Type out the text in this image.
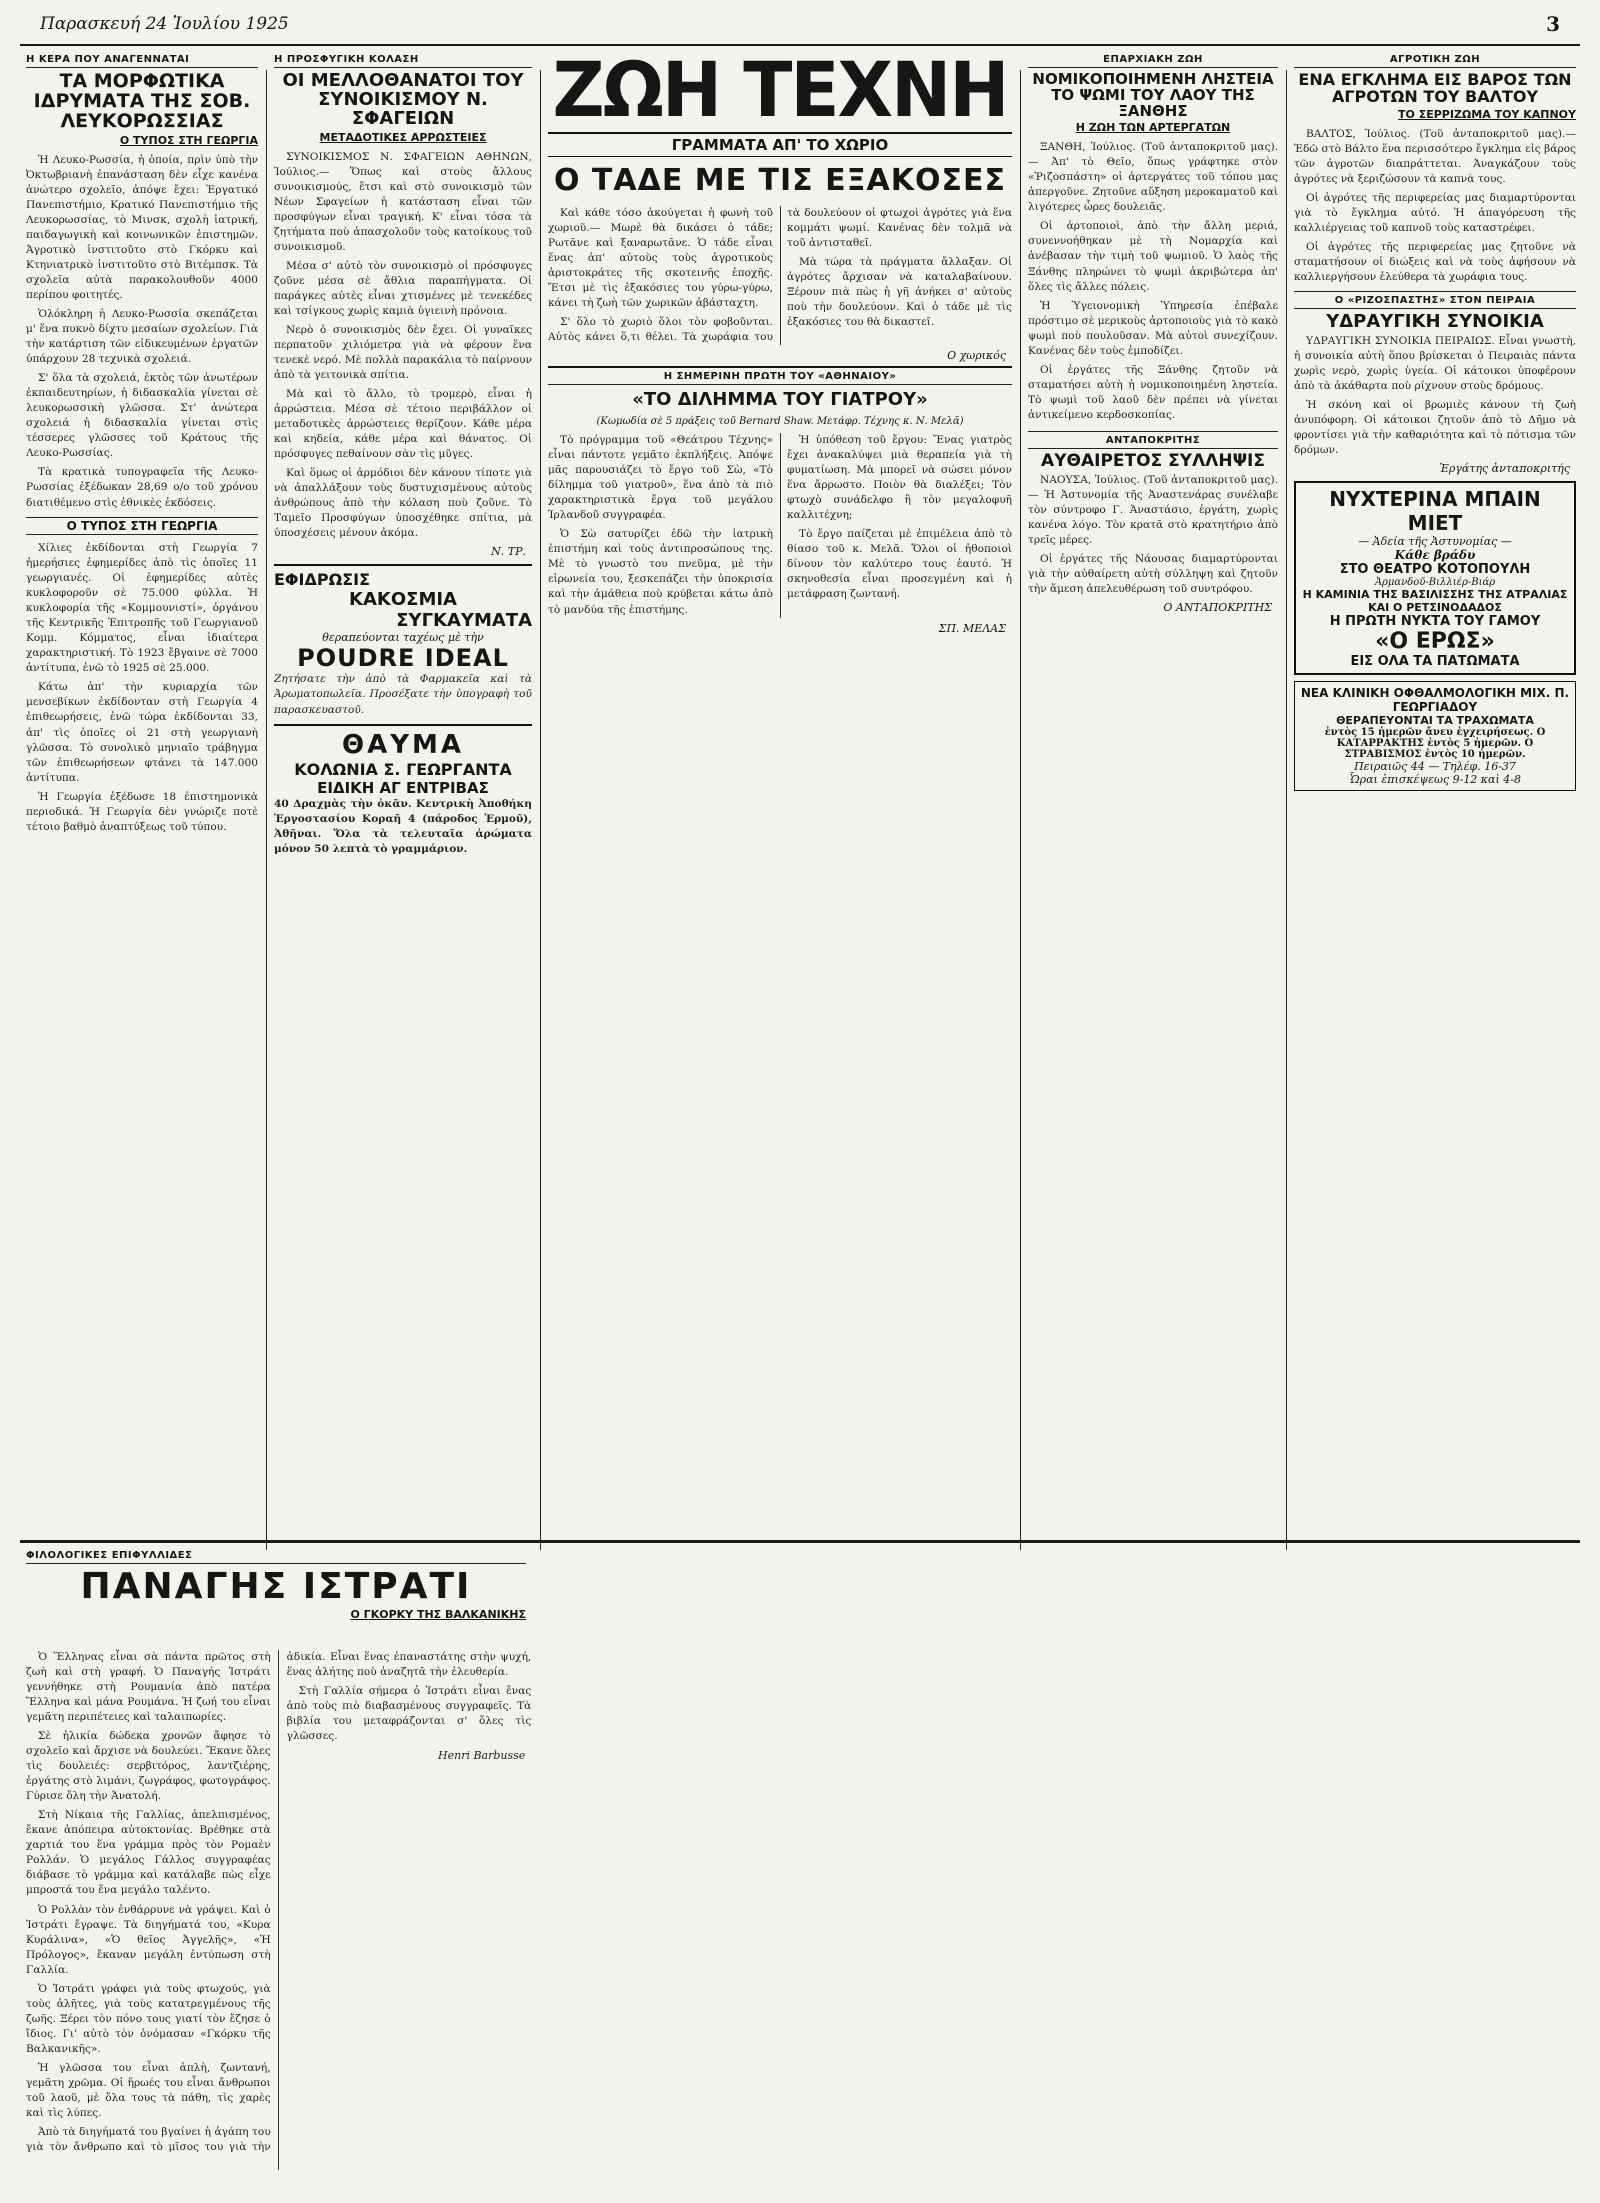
Παρασκευή 24 Ἰουλίου 1925	3
Η ΚΕΡΑ ΠΟΥ ΑΝΑΓΕΝΝΑΤΑΙ
ΤΑ ΜΟΡΦΩΤΙΚΑ ΙΔΡΥΜΑΤΑ ΤΗΣ ΣΟΒ. ΛΕΥΚΟΡΩΣΣΙΑΣ
Ο ΤΥΠΟΣ ΣΤΗ ΓΕΩΡΓΙΑ

Ἡ Λευκο-Ρωσσία, ἡ ὁποία, πρὶν ὑπὸ τὴν Ὀκτωβριανὴ ἐπανάσταση δὲν εἶχε κανένα ἀνώτερο σχολεῖο, ἀπόψε ἔχει: Ἐργατικό Πανεπιστήμιο, Κρατικό Πανεπιστήμιο τῆς Λευκορωσσίας, τὸ Μινσκ, σχολὴ ἰατρική, παιδαγωγικὴ καὶ κοινωνικῶν ἐπιστημῶν. Ἀγροτικὸ ἰνστιτοῦτο στὸ Γκόρκυ καὶ Κτηνιατρικὸ ἰνστιτοῦτο στὸ Βιτέμπσκ. Τὰ σχολεῖα αὐτὰ παρακολουθοῦν 4000 περίπου φοιτητές.

Ὁλόκληρη ἡ Λευκο-Ρωσσία σκεπάζεται μ' ἕνα πυκνὸ δίχτυ μεσαίων σχολείων. Γιὰ τὴν κατάρτιση τῶν εἰδικευμένων ἐργατῶν ὑπάρχουν 28 τεχνικὰ σχολειά.

Σ' ὅλα τὰ σχολειά, ἐκτὸς τῶν ἀνωτέρων ἐκπαιδευτηρίων, ἡ διδασκαλία γίνεται σὲ λευκορωσσικὴ γλῶσσα. Στ' ἀνώτερα σχολειά ἡ διδασκαλία γίνεται στὶς τέσσερες γλῶσσες τοῦ Κράτους τῆς Λευκο-Ρωσσίας.

Τὰ κρατικὰ τυπογραφεῖα τῆς Λευκο-Ρωσσίας ἐξέδωκαν 28,69 ο/ο τοῦ χρόνου διατιθέμενο στὶς ἐθνικὲς ἐκδόσεις.

Ο ΤΥΠΟΣ ΣΤΗ ΓΕΩΡΓΙΑ

Χίλιες ἐκδίδονται στὴ Γεωργία 7 ἡμερήσιες ἐφημερίδες ἀπὸ τὶς ὁποῖες 11 γεωργιανές. Οἱ ἐφημερίδες αὐτὲς κυκλοφοροῦν σὲ 75.000 φύλλα. Ἡ κυκλοφορία τῆς «Κομμουνιστί», ὀργάνου τῆς Κεντρικῆς Ἐπιτροπῆς τοῦ Γεωργιανοῦ Κομμ. Κόμματος, εἶναι ἰδιαίτερα χαρακτηριστική. Τὸ 1923 ἔβγαινε σὲ 7000 ἀντίτυπα, ἐνῶ τὸ 1925 σὲ 25.000.

Κάτω ἀπ' τὴν κυριαρχία τῶν μενσεβίκων ἐκδίδονταν στὴ Γεωργία 4 ἐπιθεωρήσεις, ἐνῶ τώρα ἐκδίδονται 33, ἀπ' τὶς ὁποῖες οἱ 21 στὴ γεωργιανὴ γλῶσσα. Τὸ συνολικὸ μηνιαῖο τράβηγμα τῶν ἐπιθεωρήσεων φτάνει τὰ 147.000 ἀντίτυπα.

Ἡ Γεωργία ἐξέδωσε 18 ἐπιστημονικὰ περιοδικά. Ἡ Γεωργία δὲν γνώριζε ποτὲ τέτοιο βαθμὸ ἀναπτύξεως τοῦ τύπου.

Η ΠΡΟΣΦΥΓΙΚΗ ΚΟΛΑΣΗ
ΟΙ ΜΕΛΛΟΘΑΝΑΤΟΙ ΤΟΥ ΣΥΝΟΙΚΙΣΜΟΥ Ν. ΣΦΑΓΕΙΩΝ
ΜΕΤΑΔΟΤΙΚΕΣ ΑΡΡΩΣΤΕΙΕΣ

ΣΥΝΟΙΚΙΣΜΟΣ Ν. ΣΦΑΓΕΙΩΝ ΑΘΗΝΩΝ, Ἰούλιος.— Ὅπως καὶ στοὺς ἄλλους συνοικισμούς, ἔτσι καὶ στὸ συνοικισμὸ τῶν Νέων Σφαγείων ἡ κατάσταση εἶναι τῶν προσφύγων εἶναι τραγική. Κ' εἶναι τόσα τὰ ζητήματα ποὺ ἀπασχολοῦν τοὺς κατοίκους τοῦ συνοικισμοῦ.

Μέσα σ' αὐτὸ τὸν συνοικισμὸ οἱ πρόσφυγες ζοῦνε μέσα σὲ ἄθλια παραπήγματα. Οἱ παράγκες αὐτὲς εἶναι χτισμένες μὲ τενεκέδες καὶ τσίγκους χωρὶς καμιὰ ὑγιεινὴ πρόνοια.

Νερὸ ὁ συνοικισμὸς δὲν ἔχει. Οἱ γυναῖκες περπατοῦν χιλιόμετρα γιὰ νὰ φέρουν ἕνα τενεκὲ νερό. Μὲ πολλὰ παρακάλια τὸ παίρνουν ἀπὸ τὰ γειτονικὰ σπίτια.

Μὰ καὶ τὸ ἄλλο, τὸ τρομερὸ, εἶναι ἡ ἀρρώστεια. Μέσα σὲ τέτοιο περιβάλλον οἱ μεταδοτικὲς ἀρρώστειες θερίζουν. Κάθε μέρα καὶ κηδεία, κάθε μέρα καὶ θάνατος. Οἱ πρόσφυγες πεθαίνουν σὰν τὶς μῦγες.

Καὶ ὅμως οἱ ἀρμόδιοι δὲν κάνουν τίποτε γιὰ νὰ ἀπαλλάξουν τοὺς δυστυχισμένους αὐτοὺς ἀνθρώπους ἀπὸ τὴν κόλαση ποὺ ζοῦνε. Τὸ Ταμεῖο Προσφύγων ὑποσχέθηκε σπίτια, μὰ ὑποσχέσεις μένουν ἀκόμα.

Ν. ΤΡ.
ΕΦΙΔΡΩΣΙΣ
ΚΑΚΟΣΜΙΑ
ΣΥΓΚΑΥΜΑΤΑ
θεραπεύονται ταχέως μὲ τὴν
POUDRE IDEAL
Ζητήσατε τὴν ἀπὸ τὰ Φαρμακεῖα καὶ τὰ Ἀρωματοπωλεῖα. Προσέξατε τὴν ὑπογραφὴ τοῦ παρασκευαστοῦ.
ΘΑΥΜΑ
ΚΟΛΩΝΙΑ Σ. ΓΕΩΡΓΑΝΤΑ
ΕΙΔΙΚΗ ΑΓ ΕΝΤΡΙΒΑΣ
40 Δραχμὰς τὴν ὀκᾶν. Κεντρικὴ Ἀποθήκη Ἐργοστασίου Κοραῆ 4 (πάροδος Ἑρμοῦ), Ἀθῆναι. Ὅλα τὰ τελευταῖα ἀρώματα μόνον 50 λεπτὰ τὸ γραμμάριον.
ΖΩΗ ΤΕΧΝΗ
ΓΡΑΜΜΑΤΑ ΑΠ' ΤΟ ΧΩΡΙΟ
Ο ΤΑΔΕ ΜΕ ΤΙΣ ΕΞΑΚΟΣΕΣ

Καὶ κάθε τόσο ἀκούγεται ἡ φωνὴ τοῦ χωριοῦ.— Μωρὲ θὰ δικάσει ὁ τάδε; Ρωτᾶνε καὶ ξαναρωτᾶνε. Ὁ τάδε εἶναι ἕνας ἀπ' αὐτοὺς τοὺς ἀγροτικοὺς ἀριστοκράτες τῆς σκοτεινῆς ἐποχῆς. Ἔτσι μὲ τὶς ἑξακόσιες του γύρω-γύρω, κάνει τὴ ζωὴ τῶν χωρικῶν ἀβάσταχτη.

Σ' ὅλο τὸ χωριὸ ὅλοι τὸν φοβοῦνται. Αὐτὸς κάνει ὅ,τι θέλει. Τὰ χωράφια του τὰ δουλεύουν οἱ φτωχοὶ ἀγρότες γιὰ ἕνα κομμάτι ψωμί. Κανένας δὲν τολμᾶ νὰ τοῦ ἀντισταθεῖ.

Μὰ τώρα τὰ πράγματα ἄλλαξαν. Οἱ ἀγρότες ἄρχισαν νὰ καταλαβαίνουν. Ξέρουν πιὰ πὼς ἡ γῆ ἀνήκει σ' αὐτοὺς ποὺ τὴν δουλεύουν. Καὶ ὁ τάδε μὲ τὶς ἑξακόσιες του θὰ δικαστεῖ.

Ο χωρικός
Η ΣΗΜΕΡΙΝΗ ΠΡΩΤΗ ΤΟΥ «ΑΘΗΝΑΙΟΥ»
«ΤΟ ΔΙΛΗΜΜΑ ΤΟΥ ΓΙΑΤΡΟΥ»
(Κωμωδία σὲ 5 πράξεις τοῦ Bernard Shaw. Μετάφρ. Τέχνης κ. Ν. Μελᾶ)

Τὸ πρόγραμμα τοῦ «Θεάτρου Τέχνης» εἶναι πάντοτε γεμᾶτο ἐκπλήξεις. Ἀπόψε μᾶς παρουσιάζει τὸ ἔργο τοῦ Σὼ, «Τὸ δίλημμα τοῦ γιατροῦ», ἕνα ἀπὸ τὰ πιὸ χαρακτηριστικὰ ἔργα τοῦ μεγάλου Ἰρλανδοῦ συγγραφέα.

Ὁ Σὼ σατυρίζει ἐδῶ τὴν ἰατρικὴ ἐπιστήμη καὶ τοὺς ἀντιπροσώπους της. Μὲ τὸ γνωστὸ του πνεῦμα, μὲ τὴν εἰρωνεία του, ξεσκεπάζει τὴν ὑποκρισία καὶ τὴν ἀμάθεια ποὺ κρύβεται κάτω ἀπὸ τὸ μανδύα τῆς ἐπιστήμης.

Ἡ ὑπόθεση τοῦ ἔργου: Ἕνας γιατρὸς ἔχει ἀνακαλύψει μιὰ θεραπεία γιὰ τὴ φυματίωση. Μὰ μπορεῖ νὰ σώσει μόνον ἕνα ἄρρωστο. Ποιὸν θὰ διαλέξει; Τὸν φτωχὸ συνάδελφο ἢ τὸν μεγαλοφυῆ καλλιτέχνη;

Τὸ ἔργο παίζεται μὲ ἐπιμέλεια ἀπὸ τὸ θίασο τοῦ κ. Μελᾶ. Ὅλοι οἱ ἠθοποιοὶ δίνουν τὸν καλύτερο τους ἑαυτό. Ἡ σκηνοθεσία εἶναι προσεγμένη καὶ ἡ μετάφραση ζωντανή.

ΣΠ. ΜΕΛΑΣ
ΕΠΑΡΧΙΑΚΗ ΖΩΗ
ΝΟΜΙΚΟΠΟΙΗΜΕΝΗ ΛΗΣΤΕΙΑ ΤΟ ΨΩΜΙ ΤΟΥ ΛΑΟΥ ΤΗΣ ΞΑΝΘΗΣ
Η ΖΩΗ ΤΩΝ ΑΡΤΕΡΓΑΤΩΝ

ΞΑΝΘΗ, Ἰούλιος. (Τοῦ ἀνταποκριτοῦ μας).— Ἀπ' τὸ Θεῖο, ὅπως γράφτηκε στὸν «Ῥιζοσπάστη» οἱ ἀρτεργάτες τοῦ τόπου μας ἀπεργοῦνε. Ζητοῦνε αὔξηση μεροκαματοῦ καὶ λιγότερες ὧρες δουλειᾶς.

Οἱ ἀρτοποιοὶ, ἀπὸ τὴν ἄλλη μεριά, συνεννοήθηκαν μὲ τὴ Νομαρχία καὶ ἀνέβασαν τὴν τιμὴ τοῦ ψωμιοῦ. Ὁ λαὸς τῆς Ξάνθης πληρώνει τὸ ψωμὶ ἀκριβώτερα ἀπ' ὅλες τὶς ἄλλες πόλεις.

Ἡ Ὑγειονομικὴ Ὑπηρεσία ἐπέβαλε πρόστιμο σὲ μερικοὺς ἀρτοποιοὺς γιὰ τὸ κακὸ ψωμὶ ποὺ πουλοῦσαν. Μὰ αὐτοὶ συνεχίζουν. Κανένας δὲν τοὺς ἐμποδίζει.

Οἱ ἐργάτες τῆς Ξάνθης ζητοῦν νὰ σταματήσει αὐτὴ ἡ νομικοποιημένη ληστεία. Τὸ ψωμὶ τοῦ λαοῦ δὲν πρέπει νὰ γίνεται ἀντικείμενο κερδοσκοπίας.

ΑΝΤΑΠΟΚΡΙΤΗΣ
ΑΥΘΑΙΡΕΤΟΣ ΣΥΛΛΗΨΙΣ

ΝΑΟΥΣΑ, Ἰούλιος. (Τοῦ ἀνταποκριτοῦ μας).— Ἡ Ἀστυνομία τῆς Ἀναστενάρας συνέλαβε τὸν σύντροφο Γ. Ἀναστάσιο, ἐργάτη, χωρὶς κανένα λόγο. Τὸν κρατᾶ στὸ κρατητήριο ἀπὸ τρεῖς μέρες.

Οἱ ἐργάτες τῆς Νάουσας διαμαρτύρονται γιὰ τὴν αὐθαίρετη αὐτὴ σύλληψη καὶ ζητοῦν τὴν ἄμεση ἀπελευθέρωση τοῦ συντρόφου.

Ο ΑΝΤΑΠΟΚΡΙΤΗΣ
ΑΓΡΟΤΙΚΗ ΖΩΗ
ΕΝΑ ΕΓΚΛΗΜΑ ΕΙΣ ΒΑΡΟΣ ΤΩΝ ΑΓΡΟΤΩΝ ΤΟΥ ΒΑΛΤΟΥ
ΤΟ ΣΕΡΡΙΖΩΜΑ ΤΟΥ ΚΑΠΝΟΥ

ΒΑΛΤΟΣ, Ἰούλιος. (Τοῦ ἀνταποκριτοῦ μας).— Ἐδῶ στὸ Βάλτο ἕνα περισσότερο ἔγκλημα εἰς βάρος τῶν ἀγροτῶν διαπράττεται. Ἀναγκάζουν τοὺς ἀγρότες νὰ ξεριζώσουν τὰ καπνὰ τους.

Οἱ ἀγρότες τῆς περιφερείας μας διαμαρτύρονται γιὰ τὸ ἔγκλημα αὐτό. Ἡ ἀπαγόρευση τῆς καλλιέργειας τοῦ καπνοῦ τοὺς καταστρέφει.

Οἱ ἀγρότες τῆς περιφερείας μας ζητοῦνε νὰ σταματήσουν οἱ διώξεις καὶ νὰ τοὺς ἀφήσουν νὰ καλλιεργήσουν ἐλεύθερα τὰ χωράφια τους.

Ο «ΡΙΖΟΣΠΑΣΤΗΣ» ΣΤΟΝ ΠΕΙΡΑΙΑ
ΥΔΡΑΥΓΙΚΗ ΣΥΝΟΙΚΙΑ

ΥΔΡΑΥΓΙΚΗ ΣΥΝΟΙΚΙΑ ΠΕΙΡΑΙΩΣ. Εἶναι γνωστὴ, ἡ συνοικία αὐτὴ ὅπου βρίσκεται ὁ Πειραιὰς πάντα χωρὶς νερὸ, χωρὶς ὑγεία. Οἱ κάτοικοι ὑποφέρουν ἀπὸ τὰ ἀκάθαρτα ποὺ ρίχνουν στοὺς δρόμους.

Ἡ σκόνη καὶ οἱ βρωμιὲς κάνουν τὴ ζωὴ ἀνυπόφορη. Οἱ κάτοικοι ζητοῦν ἀπὸ τὸ Δῆμο νὰ φροντίσει γιὰ τὴν καθαριότητα καὶ τὸ πότισμα τῶν δρόμων.

Ἐργάτης ἀνταποκριτής
ΝΥΧΤΕΡΙΝΑ ΜΠΑΙΝ ΜΙΕΤ
— Ἀδεία τῆς Ἀστυνομίας —
Κάθε βράδυ
ΣΤΟ ΘΕΑΤΡΟ ΚΟΤΟΠΟΥΛΗ
Ἀρμανδοῦ-Βιλλιέρ-Βιάρ
Η ΚΑΜΙΝΙΑ ΤΗΣ ΒΑΣΙΛΙΣΣΗΣ ΤΗΣ ΑΤΡΑΛΙΑΣ ΚΑΙ Ο ΡΕΤΣΙΝΟΔΑΔΟΣ
Η ΠΡΩΤΗ ΝΥΚΤΑ ΤΟΥ ΓΑΜΟΥ
«Ο ΕΡΩΣ»
ΕΙΣ ΟΛΑ ΤΑ ΠΑΤΩΜΑΤΑ
ΝΕΑ ΚΛΙΝΙΚΗ ΟΦΘΑΛΜΟΛΟΓΙΚΗ ΜΙΧ. Π. ΓΕΩΡΓΙΑΔΟΥ
ΘΕΡΑΠΕΥΟΝΤΑΙ ΤΑ ΤΡΑΧΩΜΑΤΑ
ἐντὸς 15 ἡμερῶν ἄνευ ἐγχειρήσεως. Ο ΚΑΤΑΡΡΑΚΤΗΣ ἐντὸς 5 ἡμερῶν. Ο ΣΤΡΑΒΙΣΜΟΣ ἐντὸς 10 ἡμερῶν.
Πειραιῶς 44 — Τηλέφ. 16-37
Ὧραι ἐπισκέψεως 9-12 καὶ 4-8
ΦΙΛΟΛΟΓΙΚΕΣ ΕΠΙΦΥΛΛΙΔΕΣ
ΠΑΝΑΓΗΣ ΙΣΤΡΑΤΙ
Ο ΓΚΟΡΚΥ ΤΗΣ ΒΑΛΚΑΝΙΚΗΣ

Ὁ Ἕλληνας εἶναι σὰ πάντα πρῶτος στὴ ζωὴ καὶ στὴ γραφή. Ὁ Παναγής Ἰστράτι γεννήθηκε στὴ Ρουμανία ἀπὸ πατέρα Ἕλληνα καὶ μάνα Ρουμάνα. Ἡ ζωή του εἶναι γεμᾶτη περιπέτειες καὶ ταλαιπωρίες.

Σὲ ἡλικία δώδεκα χρονῶν ἄφησε τὸ σχολεῖο καὶ ἄρχισε νὰ δουλεύει. Ἔκανε ὅλες τὶς δουλειές: σερβιτόρος, λαντζιέρης, ἐργάτης στὸ λιμάνι, ζωγράφος, φωτογράφος. Γύρισε ὅλη τὴν Ἀνατολή.

Στὴ Νίκαια τῆς Γαλλίας, ἀπελπισμένος, ἔκανε ἀπόπειρα αὐτοκτονίας. Βρέθηκε στὰ χαρτιά του ἕνα γράμμα πρὸς τὸν Ρομαὲν Ρολλάν. Ὁ μεγάλος Γάλλος συγγραφέας διάβασε τὸ γράμμα καὶ κατάλαβε πὼς εἶχε μπροστά του ἕνα μεγάλο ταλέντο.

Ὁ Ρολλὰν τὸν ἐνθάρρυνε νὰ γράψει. Καὶ ὁ Ἰστράτι ἔγραψε. Τὰ διηγήματά του, «Κυρα Κυράλινα», «Ὁ θεῖος Ἀγγελῆς», «Ἡ Πρόλογος», ἔκαναν μεγάλη ἐντύπωση στὴ Γαλλία.

Ὁ Ἰστράτι γράφει γιὰ τοὺς φτωχούς, γιὰ τοὺς ἀλῆτες, γιὰ τοὺς κατατρεγμένους τῆς ζωῆς. Ξέρει τὸν πόνο τους γιατί τὸν ἔζησε ὁ ἴδιος. Γι' αὐτὸ τὸν ὀνόμασαν «Γκόρκυ τῆς Βαλκανικῆς».

Ἡ γλῶσσα του εἶναι ἁπλὴ, ζωντανή, γεμᾶτη χρῶμα. Οἱ ἥρωές του εἶναι ἄνθρωποι τοῦ λαοῦ, μὲ ὅλα τους τὰ πάθη, τὶς χαρὲς καὶ τὶς λύπες.

Ἀπὸ τὰ διηγήματά του βγαίνει ἡ ἀγάπη του γιὰ τὸν ἄνθρωπο καὶ τὸ μῖσος του γιὰ τὴν ἀδικία. Εἶναι ἕνας ἐπαναστάτης στὴν ψυχή, ἕνας ἀλήτης ποὺ ἀναζητᾶ τὴν ἐλευθερία.

Στὴ Γαλλία σήμερα ὁ Ἰστράτι εἶναι ἕνας ἀπὸ τοὺς πιὸ διαβασμένους συγγραφεῖς. Τὰ βιβλία του μεταφράζονται σ' ὅλες τὶς γλῶσσες.

Henri Barbusse
